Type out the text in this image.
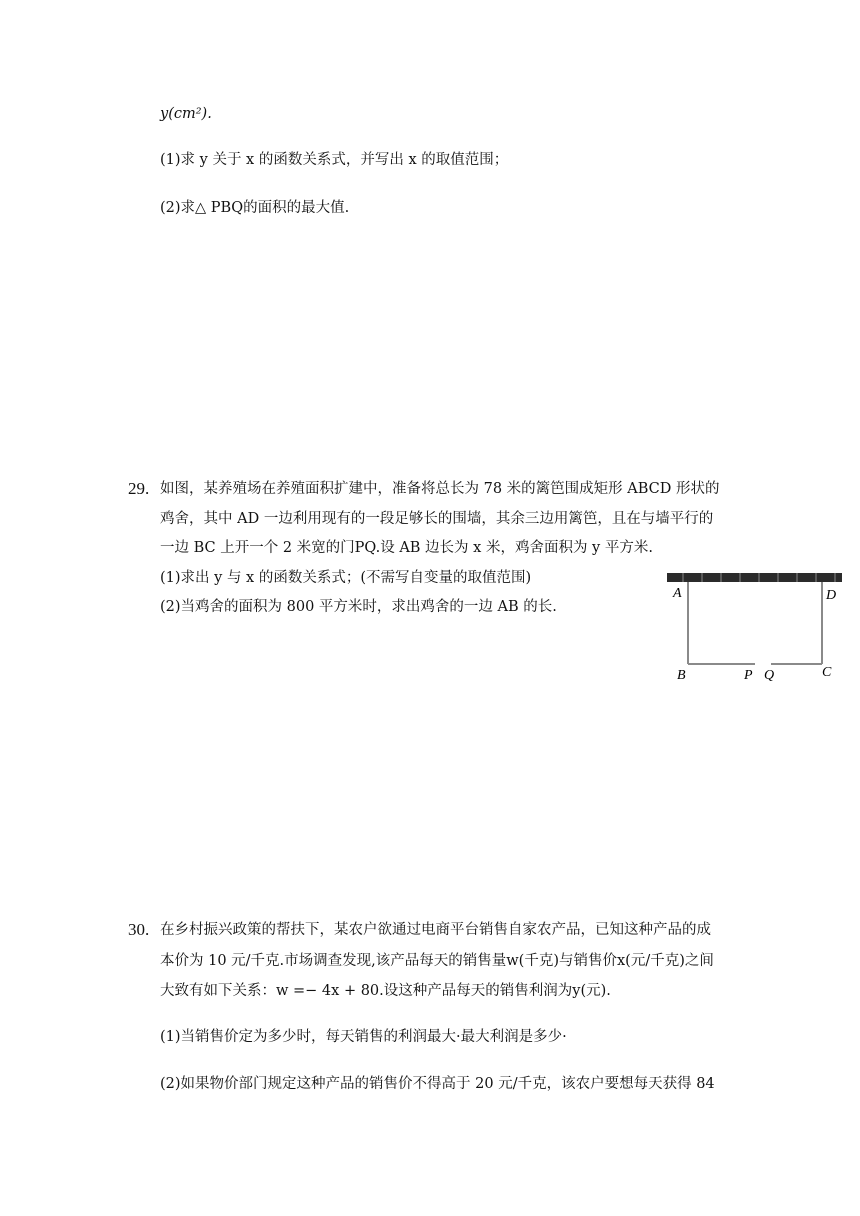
y(cm²).
(1)求 y 关于 x 的函数关系式，并写出 x 的取值范围；
(2)求△ PBQ的面积的最大值.
29. 如图，某养殖场在养殖面积扩建中，准备将总长为 78 米的篱笆围成矩形 ABCD 形状的
鸡舍，其中 AD 一边利用现有的一段足够长的围墙，其余三边用篱笆，且在与墙平行的
一边 BC 上开一个 2 米宽的门PQ.设 AB 边长为 x 米，鸡舍面积为 y 平方米.
(1)求出 y 与 x 的函数关系式；(不需写自变量的取值范围)
(2)当鸡舍的面积为 800 平方米时，求出鸡舍的一边 AB 的长.
A	D
B	P Q	C
30. 在乡村振兴政策的帮扶下，某农户欲通过电商平台销售自家农产品，已知这种产品的成
本价为 10 元/千克.市场调查发现,该产品每天的销售量w(千克)与销售价x(元/千克)之间
大致有如下关系：w =− 4x + 80.设这种产品每天的销售利润为y(元).
(1)当销售价定为多少时，每天销售的利润最大·最大利润是多少·
(2)如果物价部门规定这种产品的销售价不得高于 20 元/千克，该农户要想每天获得 84
